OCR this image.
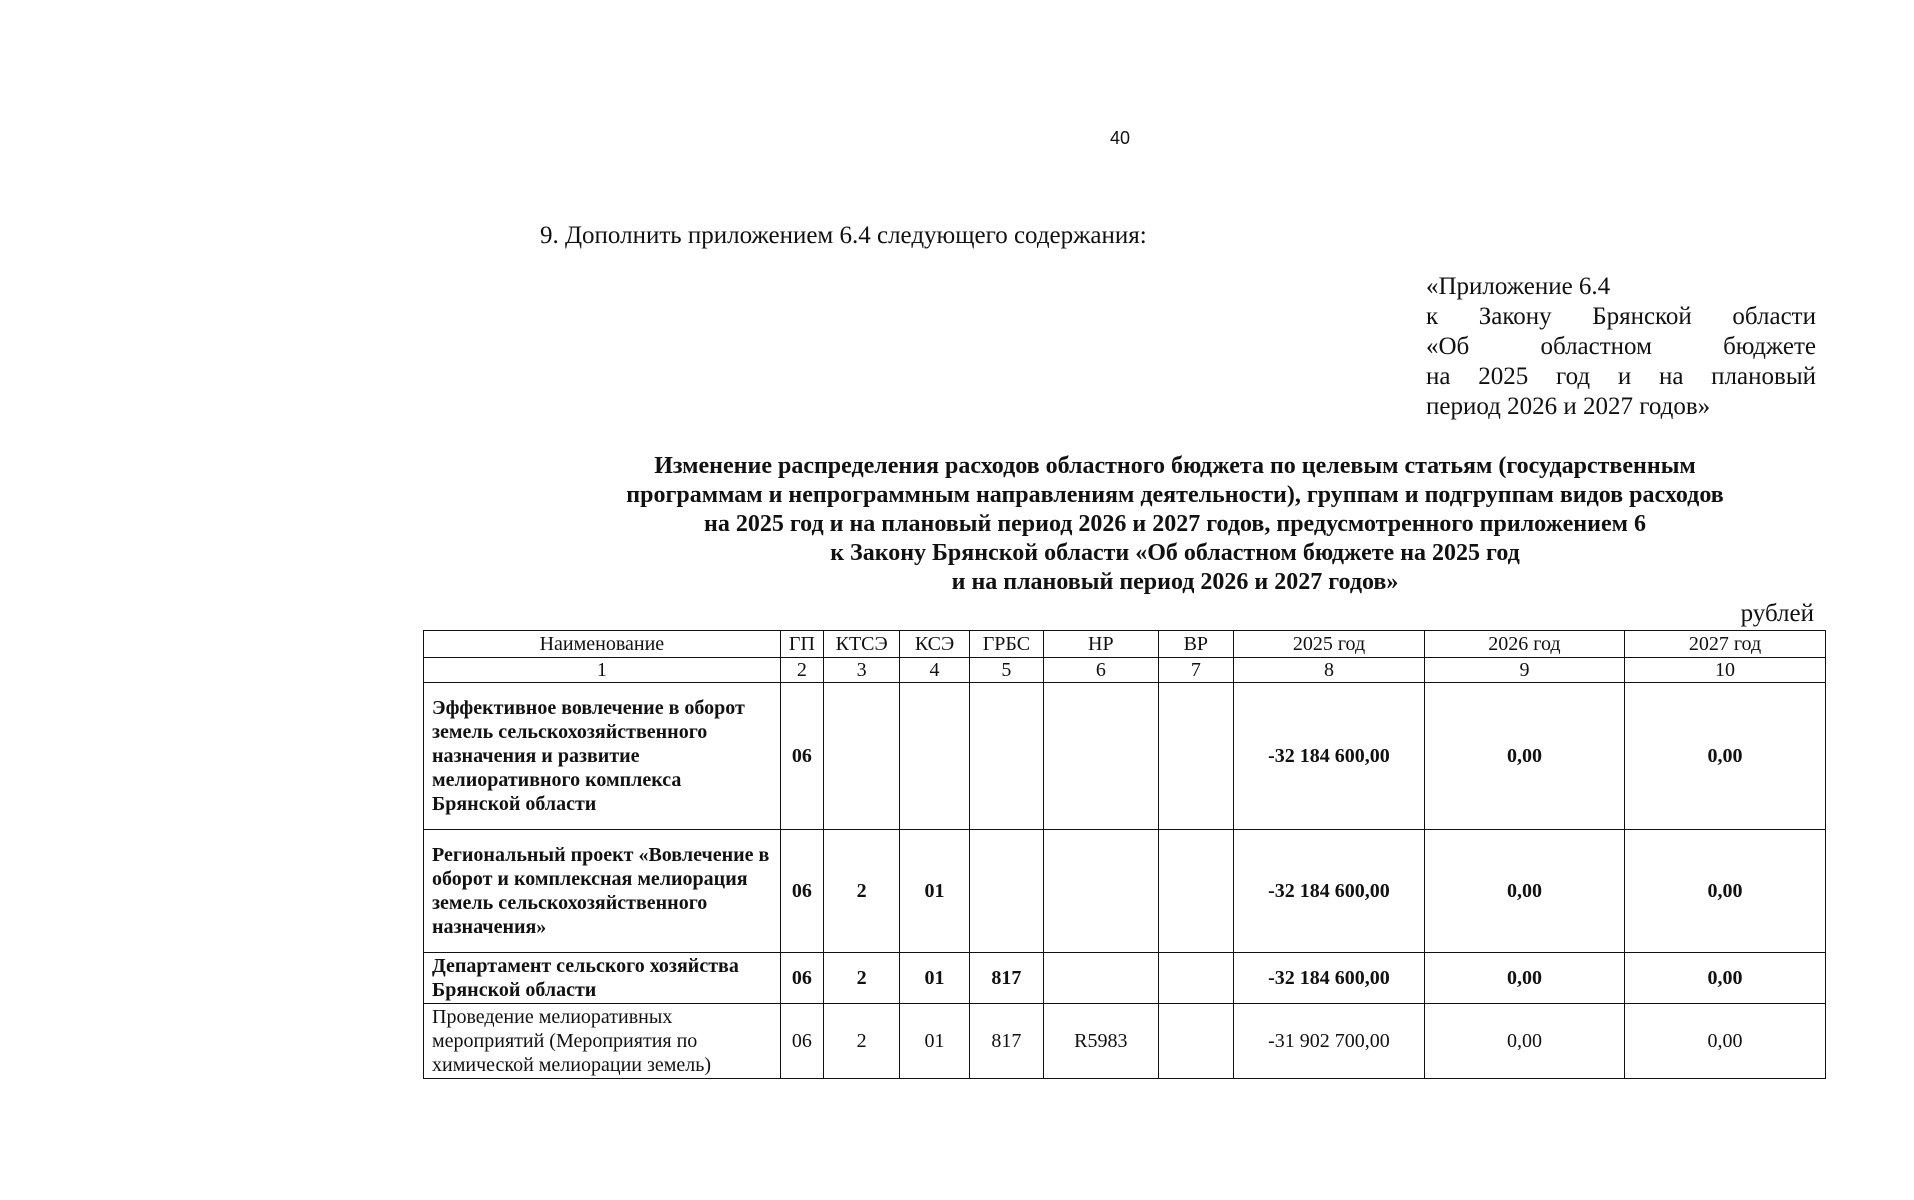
40
9. Дополнить приложением 6.4 следующего содержания:
«Приложение 6.4
к Закону Брянской области
«Об областном бюджете
на 2025 год и на плановый
период 2026 и 2027 годов»
Изменение распределения расходов областного бюджета по целевым статьям (государственным
программам и непрограммным направлениям деятельности), группам и подгруппам видов расходов
на 2025 год и на плановый период 2026 и 2027 годов, предусмотренного приложением 6
к Закону Брянской области «Об областном бюджете на 2025 год
и на плановый период 2026 и 2027 годов»
рублей
Наименование	ГП	КТСЭ	КСЭ	ГРБС	НР	ВР	2025 год	2026 год	2027 год
1	2	3	4	5	6	7	8	9	10
Эффективное вовлечение в оборот земель сельскохозяйственного назначения и развитие мелиоративного комплекса Брянской области	06						-32 184 600,00	0,00	0,00
Региональный проект «Вовлечение в оборот и комплексная мелиорация земель сельскохозяйственного назначения»	06	2	01				-32 184 600,00	0,00	0,00
Департамент сельского хозяйства Брянской области	06	2	01	817			-32 184 600,00	0,00	0,00
Проведение мелиоративных мероприятий (Мероприятия по химической мелиорации земель)	06	2	01	817	R5983		-31 902 700,00	0,00	0,00
